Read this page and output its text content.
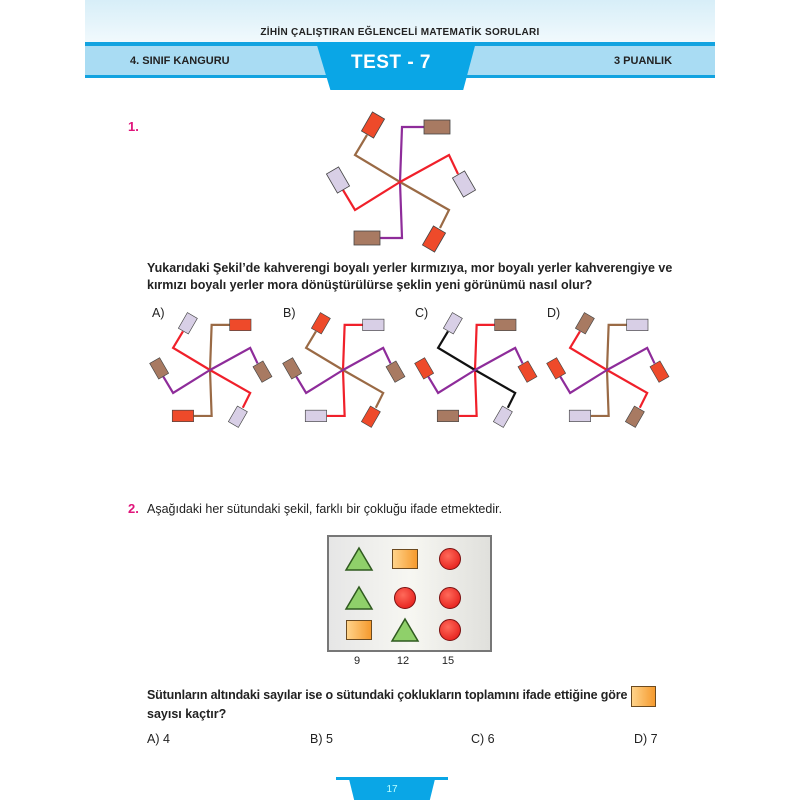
ZİHİN ÇALIŞTIRAN EĞLENCELİ MATEMATİK SORULARI
4. SINIF KANGURU	3 PUANLIK
TEST - 7
1.
Yukarıdaki Şekil’de kahverengi boyalı yerler kırmızıya, mor boyalı yerler kahverengiye ve
kırmızı boyalı yerler mora dönüştürülürse şeklin yeni görünümü nasıl olur?
A)	B)	C)	D)
2. Aşağıdaki her sütundaki şekil, farklı bir çokluğu ifade etmektedir.
9	12	15
Sütunların altındaki sayılar ise o sütundaki çoklukların toplamını ifade ettiğine göre
sayısı kaçtır?
A) 4	B) 5	C) 6	D) 7
17
